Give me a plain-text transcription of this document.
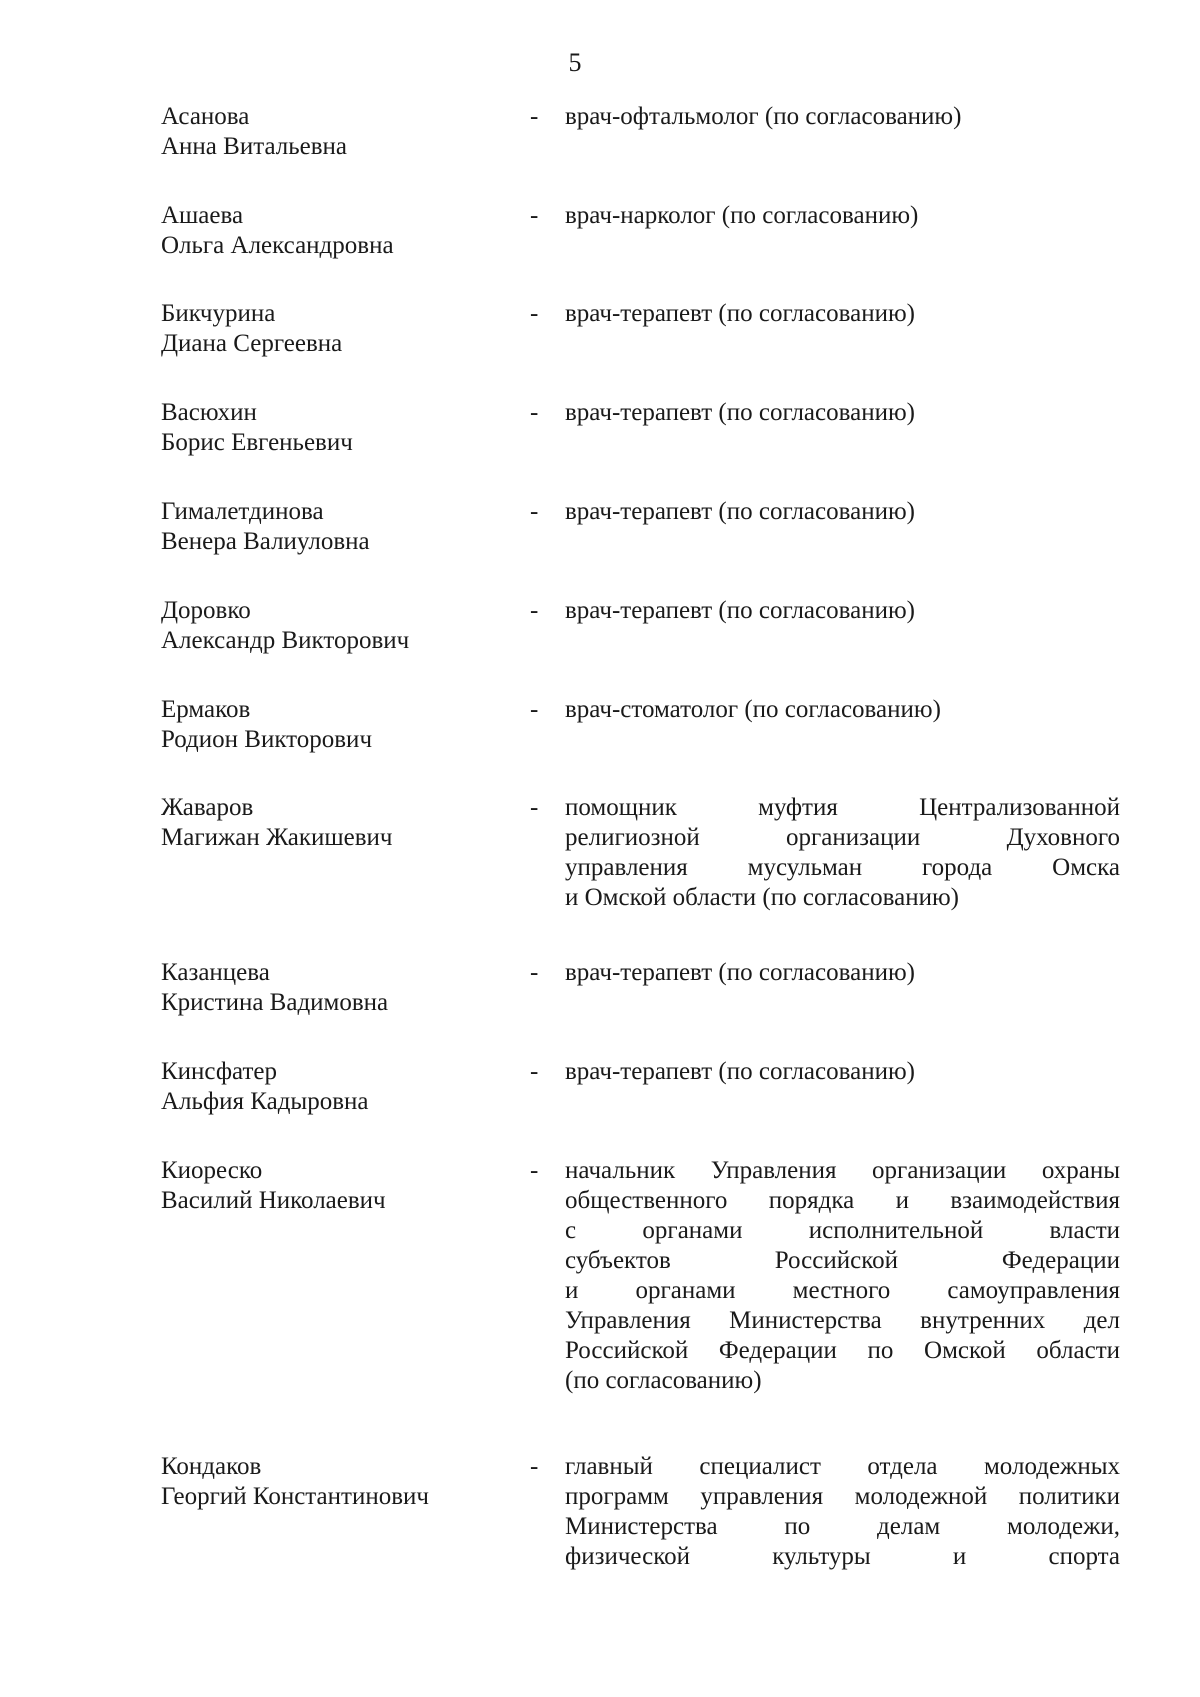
5
Асанова
Анна Витальевна
- врач-офтальмолог (по согласованию)
Ашаева
Ольга Александровна
- врач-нарколог (по согласованию)
Бикчурина
Диана Сергеевна
- врач-терапевт (по согласованию)
Васюхин
Борис Евгеньевич
- врач-терапевт (по согласованию)
Гималетдинова
Венера Валиуловна
- врач-терапевт (по согласованию)
Доровко
Александр Викторович
- врач-терапевт (по согласованию)
Ермаков
Родион Викторович
- врач-стоматолог (по согласованию)
Жаваров
Магижан Жакишевич
- помощник муфтия Централизованной
религиозной организации Духовного
управления мусульман города Омска
и Омской области (по согласованию)
Казанцева
Кристина Вадимовна
- врач-терапевт (по согласованию)
Кинсфатер
Альфия Кадыровна
- врач-терапевт (по согласованию)
Киореско
Василий Николаевич
- начальник Управления организации охраны
общественного порядка и взаимодействия
с органами исполнительной власти
субъектов Российской Федерации
и органами местного самоуправления
Управления Министерства внутренних дел
Российской Федерации по Омской области
(по согласованию)
Кондаков
Георгий Константинович
- главный специалист отдела молодежных
программ управления молодежной политики
Министерства по делам молодежи,
физической культуры и спорта
